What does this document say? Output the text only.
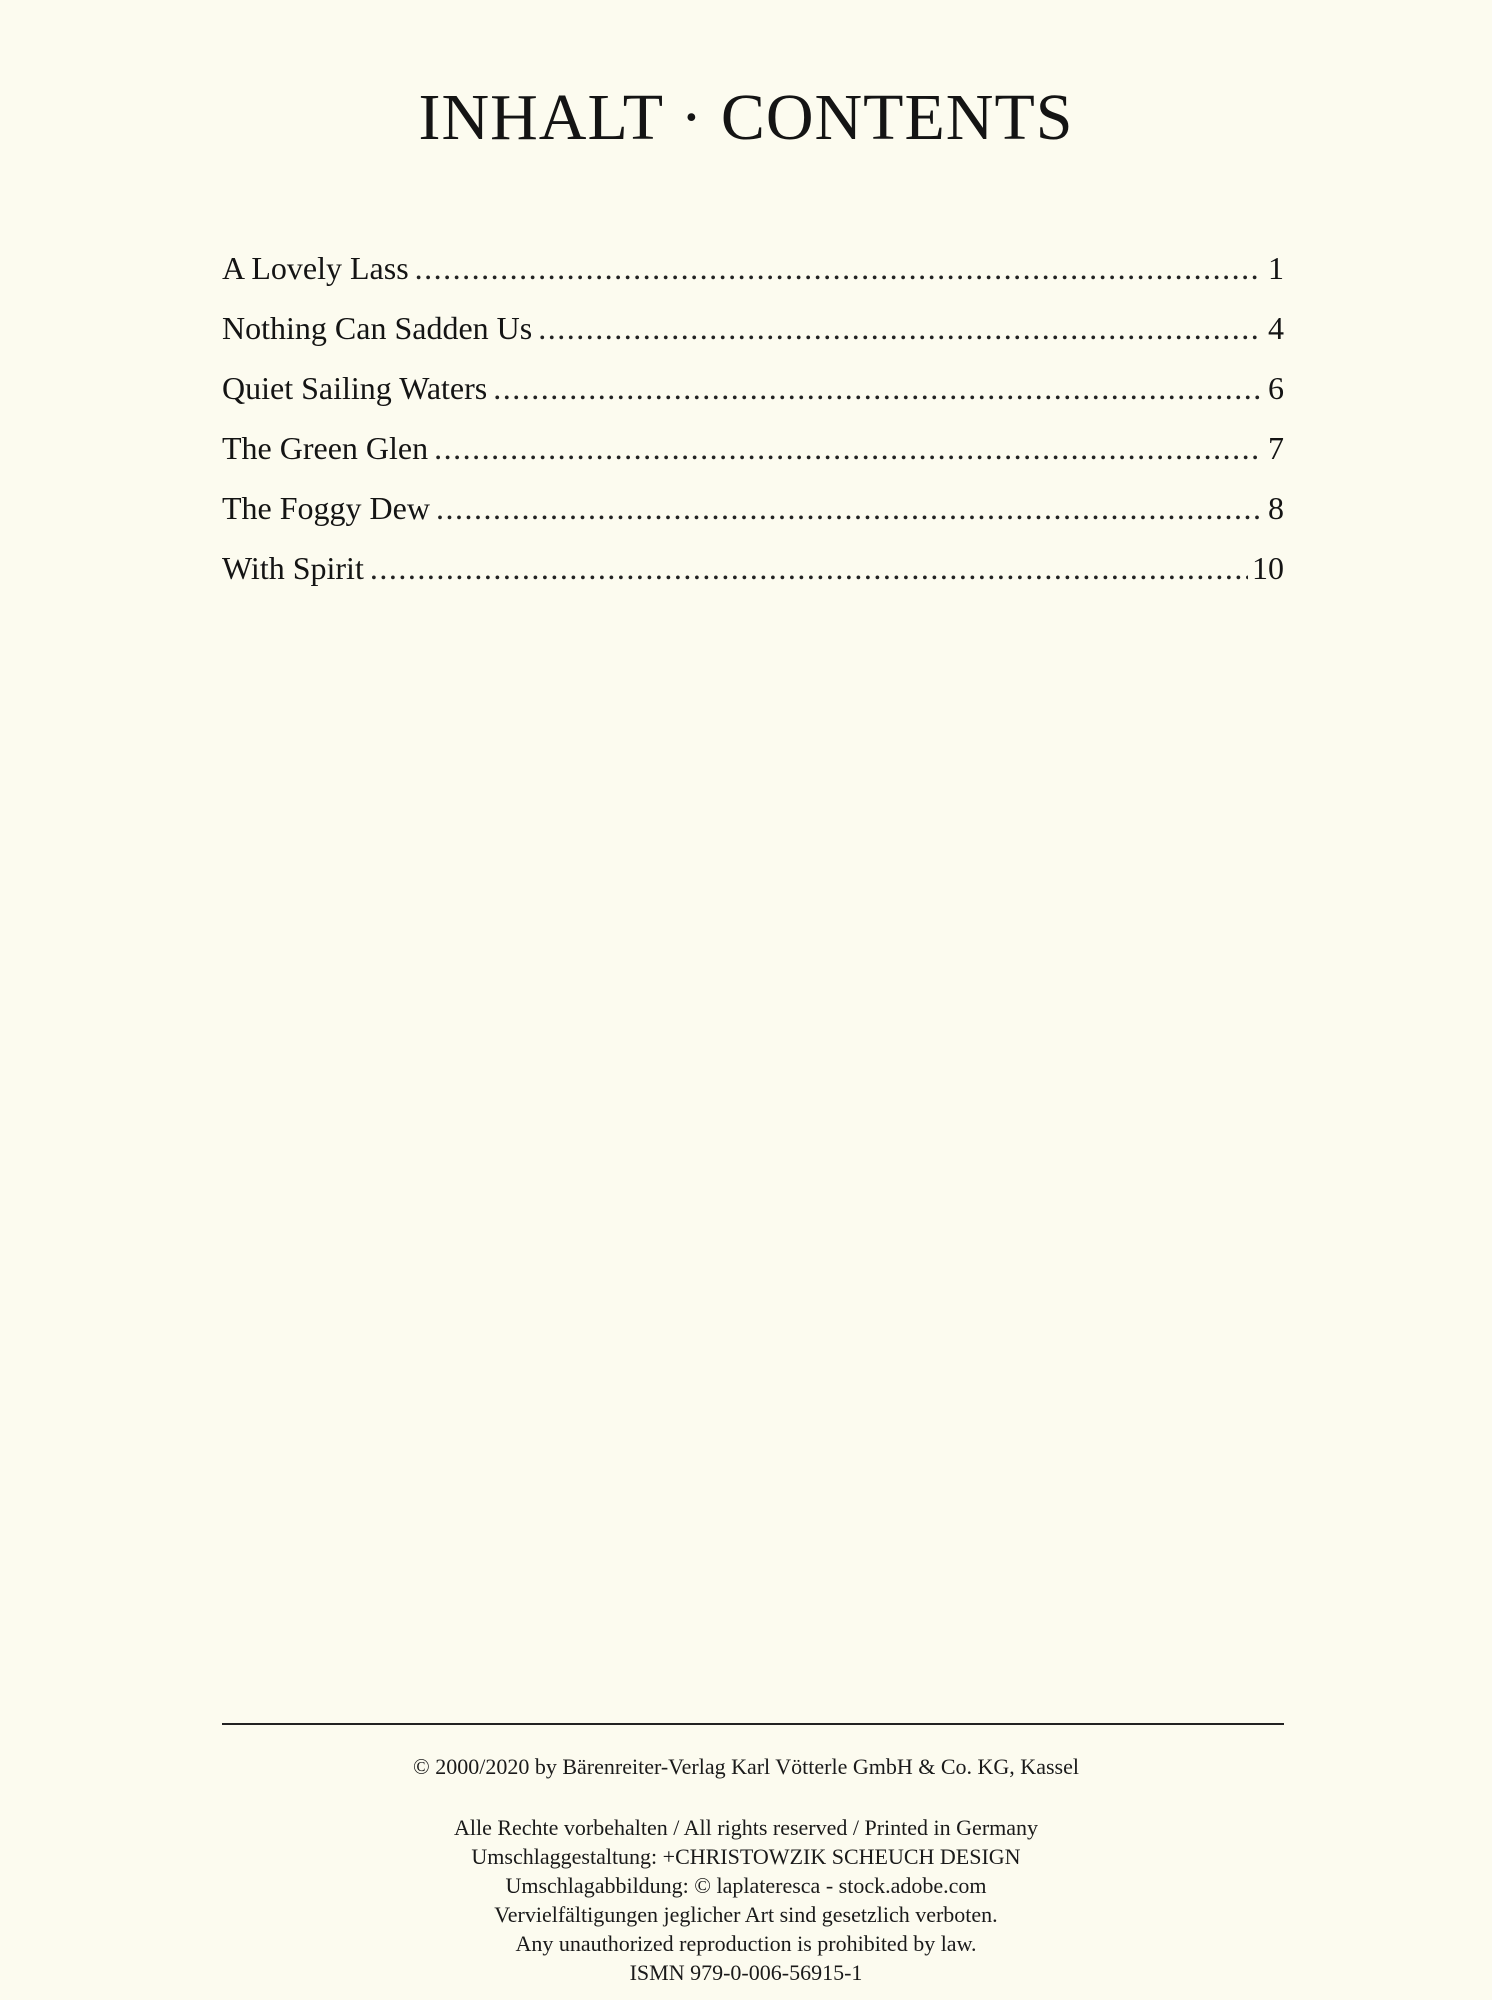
INHALT · CONTENTS
A Lovely Lass .....	1
Nothing Can Sadden Us .....	4
Quiet Sailing Waters .....	6
The Green Glen .....	7
The Foggy Dew .....	8
With Spirit .....	10

© 2000/2020 by Bärenreiter-Verlag Karl Vötterle GmbH & Co. KG, Kassel

Alle Rechte vorbehalten / All rights reserved / Printed in Germany

Umschlaggestaltung: +CHRISTOWZIK SCHEUCH DESIGN

Umschlagabbildung: © laplateresca - stock.adobe.com

Vervielfältigungen jeglicher Art sind gesetzlich verboten.

Any unauthorized reproduction is prohibited by law.

ISMN 979-0-006-56915-1
